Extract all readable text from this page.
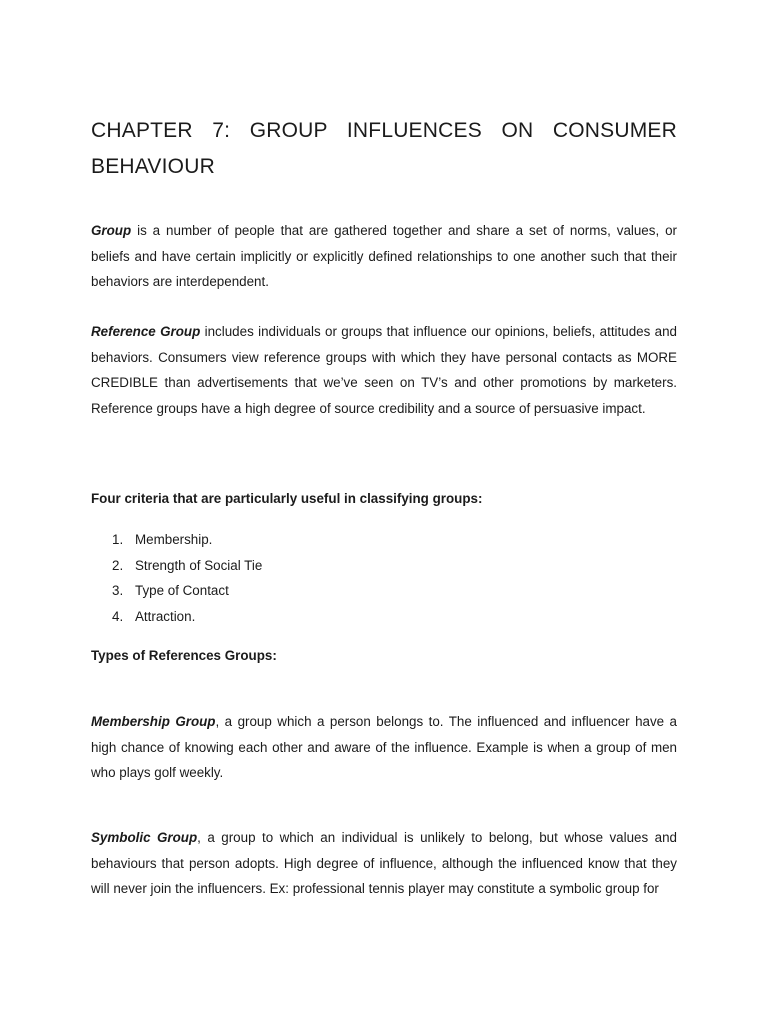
CHAPTER 7: GROUP INFLUENCES ON CONSUMER BEHAVIOUR

Group is a number of people that are gathered together and share a set of norms, values, or beliefs and have certain implicitly or explicitly defined relationships to one another such that their behaviors are interdependent.

Reference Group includes individuals or groups that influence our opinions, beliefs, attitudes and behaviors. Consumers view reference groups with which they have personal contacts as MORE CREDIBLE than advertisements that we’ve seen on TV’s and other promotions by marketers. Reference groups have a high degree of source credibility and a source of persuasive impact.

Four criteria that are particularly useful in classifying groups:

1. Membership.
2. Strength of Social Tie
3. Type of Contact
4. Attraction.

Types of References Groups:

Membership Group, a group which a person belongs to. The influenced and influencer have a high chance of knowing each other and aware of the influence. Example is when a group of men who plays golf weekly.

Symbolic Group, a group to which an individual is unlikely to belong, but whose values and behaviours that person adopts. High degree of influence, although the influenced know that they will never join the influencers. Ex: professional tennis player may constitute a symbolic group for
